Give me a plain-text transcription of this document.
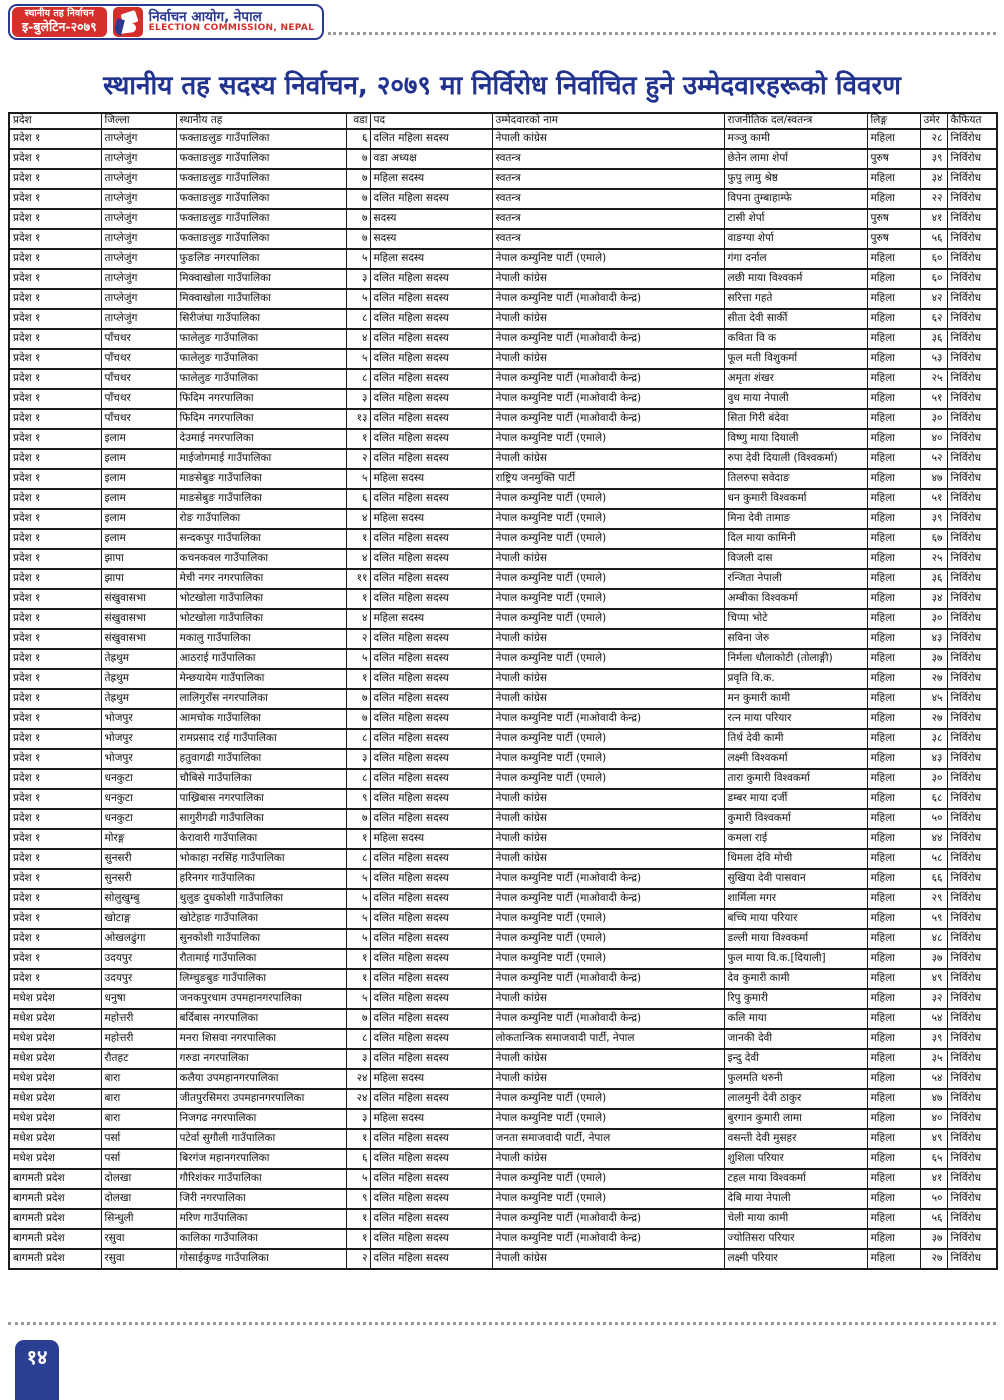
स्थानीय तह निर्वाचन
इ-बुलेटिन-२०७९
निर्वाचन आयोग, नेपाल
ELECTION COMMISSION, NEPAL
स्थानीय तह सदस्य निर्वाचन, २०७९ मा निर्विरोध निर्वाचित हुने उम्मेदवारहरूको विवरण
प्रदेश	जिल्ला	स्थानीय तह	वडा	पद	उम्मेदवारको नाम	राजनीतिक दल/स्वतन्त्र	लिङ्ग	उमेर	कैफियत
प्रदेश १	ताप्लेजुंग	फक्ताङलुङ गाउँपालिका	६	दलित महिला सदस्य	नेपाली कांग्रेस	मञ्जु कामी	महिला	२८	निर्विरोध
प्रदेश १	ताप्लेजुंग	फक्ताङलुङ गाउँपालिका	७	वडा अध्यक्ष	स्वतन्त्र	छेतेन लामा शेर्पा	पुरुष	३९	निर्विरोध
प्रदेश १	ताप्लेजुंग	फक्ताङलुङ गाउँपालिका	७	महिला सदस्य	स्वतन्त्र	फुपु लामु श्रेष्ठ	महिला	३४	निर्विरोध
प्रदेश १	ताप्लेजुंग	फक्ताङलुङ गाउँपालिका	७	दलित महिला सदस्य	स्वतन्त्र	विपना तुम्बाहाम्फे	महिला	२२	निर्विरोध
प्रदेश १	ताप्लेजुंग	फक्ताङलुङ गाउँपालिका	७	सदस्य	स्वतन्त्र	टासी शेर्पा	पुरुष	४१	निर्विरोध
प्रदेश १	ताप्लेजुंग	फक्ताङलुङ गाउँपालिका	७	सदस्य	स्वतन्त्र	वाङग्या शेर्पा	पुरुष	५६	निर्विरोध
प्रदेश १	ताप्लेजुंग	फुङलिङ नगरपालिका	५	महिला सदस्य	नेपाल कम्युनिष्ट पार्टी (एमाले)	गंगा दर्नाल	महिला	६०	निर्विरोध
प्रदेश १	ताप्लेजुंग	मिक्वाखोला गाउँपालिका	३	दलित महिला सदस्य	नेपाली कांग्रेस	लछी माया विश्वकर्म	महिला	६०	निर्विरोध
प्रदेश १	ताप्लेजुंग	मिक्वाखोला गाउँपालिका	५	दलित महिला सदस्य	नेपाल कम्युनिष्ट पार्टी (माओवादी केन्द्र)	सरित्ता गहते	महिला	४२	निर्विरोध
प्रदेश १	ताप्लेजुंग	सिरीजंघा गाउँपालिका	८	दलित महिला सदस्य	नेपाली कांग्रेस	सीता देवी सार्की	महिला	६२	निर्विरोध
प्रदेश १	पाँचथर	फालेलुङ गाउँपालिका	४	दलित महिला सदस्य	नेपाल कम्युनिष्ट पार्टी (माओवादी केन्द्र)	कविता वि क	महिला	३६	निर्विरोध
प्रदेश १	पाँचथर	फालेलुङ गाउँपालिका	५	दलित महिला सदस्य	नेपाली कांग्रेस	फूल मती विशुकर्मा	महिला	५३	निर्विरोध
प्रदेश १	पाँचथर	फालेलुङ गाउँपालिका	८	दलित महिला सदस्य	नेपाल कम्युनिष्ट पार्टी (माओवादी केन्द्र)	अमृता शंखर	महिला	२५	निर्विरोध
प्रदेश १	पाँचथर	फिदिम नगरपालिका	३	दलित महिला सदस्य	नेपाल कम्युनिष्ट पार्टी (माओवादी केन्द्र)	वुध माया नेपाली	महिला	५१	निर्विरोध
प्रदेश १	पाँचथर	फिदिम नगरपालिका	१३	दलित महिला सदस्य	नेपाल कम्युनिष्ट पार्टी (माओवादी केन्द्र)	सिता गिरी बंदेवा	महिला	३०	निर्विरोध
प्रदेश १	इलाम	देउमाई नगरपालिका	१	दलित महिला सदस्य	नेपाल कम्युनिष्ट पार्टी (एमाले)	विष्णु माया दियाली	महिला	४०	निर्विरोध
प्रदेश १	इलाम	माईजोगमाई गाउँपालिका	२	दलित महिला सदस्य	नेपाली कांग्रेस	रुपा देवी दियाली (विश्वकर्मा)	महिला	५२	निर्विरोध
प्रदेश १	इलाम	माङसेबुङ गाउँपालिका	५	महिला सदस्य	राष्ट्रिय जनमुक्ति पार्टी	तिलरुपा सवेदाङ	महिला	४७	निर्विरोध
प्रदेश १	इलाम	माङसेबुङ गाउँपालिका	६	दलित महिला सदस्य	नेपाल कम्युनिष्ट पार्टी (एमाले)	धन कुमारी विश्वकर्मा	महिला	५१	निर्विरोध
प्रदेश १	इलाम	रोङ गाउँपालिका	४	महिला सदस्य	नेपाल कम्युनिष्ट पार्टी (एमाले)	मिना देवी तामाङ	महिला	३९	निर्विरोध
प्रदेश १	इलाम	सन्दकपुर गाउँपालिका	१	दलित महिला सदस्य	नेपाल कम्युनिष्ट पार्टी (एमाले)	दिल माया कामिनी	महिला	६७	निर्विरोध
प्रदेश १	झापा	कचनकवल गाउँपालिका	४	दलित महिला सदस्य	नेपाली कांग्रेस	विजली दास	महिला	२५	निर्विरोध
प्रदेश १	झापा	मेची नगर नगरपालिका	११	दलित महिला सदस्य	नेपाल कम्युनिष्ट पार्टी (एमाले)	रन्जिता नेपाली	महिला	३६	निर्विरोध
प्रदेश १	संखुवासभा	भोटखोला गाउँपालिका	१	दलित महिला सदस्य	नेपाल कम्युनिष्ट पार्टी (एमाले)	अम्बीका विश्वकर्मा	महिला	३४	निर्विरोध
प्रदेश १	संखुवासभा	भोटखोला गाउँपालिका	४	महिला सदस्य	नेपाल कम्युनिष्ट पार्टी (एमाले)	चिप्पा भोटे	महिला	३०	निर्विरोध
प्रदेश १	संखुवासभा	मकालु गाउँपालिका	२	दलित महिला सदस्य	नेपाली कांग्रेस	सविना जेरु	महिला	४३	निर्विरोध
प्रदेश १	तेह्रथुम	आठराई गाउँपालिका	५	दलित महिला सदस्य	नेपाल कम्युनिष्ट पार्टी (एमाले)	निर्मला धौलाकोटी (तोलाङ्गी)	महिला	३७	निर्विरोध
प्रदेश १	तेह्रथुम	मेन्छयायेम गाउँपालिका	१	दलित महिला सदस्य	नेपाली कांग्रेस	प्रवृति वि.क.	महिला	२७	निर्विरोध
प्रदेश १	तेह्रथुम	लालिगुराँस नगरपालिका	७	दलित महिला सदस्य	नेपाली कांग्रेस	मन कुमारी कामी	महिला	४५	निर्विरोध
प्रदेश १	भोजपुर	आमचोक गाउँपालिका	७	दलित महिला सदस्य	नेपाल कम्युनिष्ट पार्टी (माओवादी केन्द्र)	रत्न माया परियार	महिला	२७	निर्विरोध
प्रदेश १	भोजपुर	रामप्रसाद राई गाउँपालिका	८	दलित महिला सदस्य	नेपाल कम्युनिष्ट पार्टी (एमाले)	तिर्थ देवी कामी	महिला	३८	निर्विरोध
प्रदेश १	भोजपुर	हतुवागढी गाउँपालिका	३	दलित महिला सदस्य	नेपाल कम्युनिष्ट पार्टी (एमाले)	लक्ष्मी विश्वकर्मा	महिला	४३	निर्विरोध
प्रदेश १	धनकुटा	चौबिसे गाउँपालिका	८	दलित महिला सदस्य	नेपाल कम्युनिष्ट पार्टी (एमाले)	तारा कुमारी विश्वकर्मा	महिला	३०	निर्विरोध
प्रदेश १	धनकुटा	पाख्रिबास नगरपालिका	९	दलित महिला सदस्य	नेपाली कांग्रेस	डम्बर माया दर्जी	महिला	६८	निर्विरोध
प्रदेश १	धनकुटा	सागुरीगढी गाउँपालिका	७	दलित महिला सदस्य	नेपाली कांग्रेस	कुमारी विश्वकर्मा	महिला	५०	निर्विरोध
प्रदेश १	मोरङ्ग	केरावारी गाउँपालिका	१	महिला सदस्य	नेपाली कांग्रेस	कमला राई	महिला	४४	निर्विरोध
प्रदेश १	सुनसरी	भोकाहा नरसिंह गाउँपालिका	८	दलित महिला सदस्य	नेपाली कांग्रेस	थिमला देवि मोची	महिला	५८	निर्विरोध
प्रदेश १	सुनसरी	हरिनगर गाउँपालिका	५	दलित महिला सदस्य	नेपाल कम्युनिष्ट पार्टी (माओवादी केन्द्र)	सुखिया देवी पासवान	महिला	६६	निर्विरोध
प्रदेश १	सोलुखुम्बु	थुलुङ दुधकोशी गाउँपालिका	५	दलित महिला सदस्य	नेपाल कम्युनिष्ट पार्टी (माओवादी केन्द्र)	शार्मिला मगर	महिला	२९	निर्विरोध
प्रदेश १	खोटाङ्ग	खोटेहाङ गाउँपालिका	५	दलित महिला सदस्य	नेपाल कम्युनिष्ट पार्टी (एमाले)	बच्चि माया परियार	महिला	५९	निर्विरोध
प्रदेश १	ओखलढुंगा	सुनकोशी गाउँपालिका	५	दलित महिला सदस्य	नेपाल कम्युनिष्ट पार्टी (एमाले)	डल्ली माया विश्वकर्मा	महिला	४८	निर्विरोध
प्रदेश १	उदयपुर	रौतामाई गाउँपालिका	१	दलित महिला सदस्य	नेपाल कम्युनिष्ट पार्टी (एमाले)	फुल माया वि.क.[दियाली]	महिला	३७	निर्विरोध
प्रदेश १	उदयपुर	लिम्चुङबुङ गाउँपालिका	१	दलित महिला सदस्य	नेपाल कम्युनिष्ट पार्टी (माओवादी केन्द्र)	देव कुमारी कामी	महिला	४९	निर्विरोध
मधेश प्रदेश	धनुषा	जनकपुरधाम उपमहानगरपालिका	५	दलित महिला सदस्य	नेपाली कांग्रेस	रिपु कुमारी	महिला	३२	निर्विरोध
मधेश प्रदेश	महोत्तरी	बर्दिबास नगरपालिका	७	दलित महिला सदस्य	नेपाल कम्युनिष्ट पार्टी (माओवादी केन्द्र)	कलि माया	महिला	५४	निर्विरोध
मधेश प्रदेश	महोत्तरी	मनरा शिसवा नगरपालिका	८	दलित महिला सदस्य	लोकतान्त्रिक समाजवादी पार्टी, नेपाल	जानकी देवी	महिला	३९	निर्विरोध
मधेश प्रदेश	रौतहट	गरुडा नगरपालिका	३	दलित महिला सदस्य	नेपाली कांग्रेस	इन्दु देवी	महिला	३५	निर्विरोध
मधेश प्रदेश	बारा	कलैया उपमहानगरपालिका	२४	महिला सदस्य	नेपाली कांग्रेस	फुलमति थरुनी	महिला	५४	निर्विरोध
मधेश प्रदेश	बारा	जीतपुरसिमरा उपमहानगरपालिका	२४	दलित महिला सदस्य	नेपाल कम्युनिष्ट पार्टी (एमाले)	लालमुनी देवी ठाकुर	महिला	४७	निर्विरोध
मधेश प्रदेश	बारा	निजगढ नगरपालिका	३	महिला सदस्य	नेपाल कम्युनिष्ट पार्टी (एमाले)	बुरगान कुमारी लामा	महिला	४०	निर्विरोध
मधेश प्रदेश	पर्सा	पटेर्वा सुगौली गाउँपालिका	१	दलित महिला सदस्य	जनता समाजवादी पार्टी, नेपाल	वसन्ती देवी मुसहर	महिला	४९	निर्विरोध
मधेश प्रदेश	पर्सा	बिरगंज महानगरपालिका	६	दलित महिला सदस्य	नेपाली कांग्रेस	शुशिला परियार	महिला	६५	निर्विरोध
बागमती प्रदेश	दोलखा	गौरिशंकर गाउँपालिका	५	दलित महिला सदस्य	नेपाल कम्युनिष्ट पार्टी (एमाले)	टहल माया विश्वकर्मा	महिला	४१	निर्विरोध
बागमती प्रदेश	दोलखा	जिरी नगरपालिका	९	दलित महिला सदस्य	नेपाल कम्युनिष्ट पार्टी (एमाले)	देबि माया नेपाली	महिला	५०	निर्विरोध
बागमती प्रदेश	सिन्धुली	मरिण गाउँपालिका	१	दलित महिला सदस्य	नेपाल कम्युनिष्ट पार्टी (माओवादी केन्द्र)	चेली माया कामी	महिला	५६	निर्विरोध
बागमती प्रदेश	रसुवा	कालिका गाउँपालिका	१	दलित महिला सदस्य	नेपाल कम्युनिष्ट पार्टी (माओवादी केन्द्र)	ज्योतिसरा परियार	महिला	३७	निर्विरोध
बागमती प्रदेश	रसुवा	गोसाईकुण्ड गाउँपालिका	२	दलित महिला सदस्य	नेपाली कांग्रेस	लक्ष्मी परियार	महिला	२७	निर्विरोध
१४
